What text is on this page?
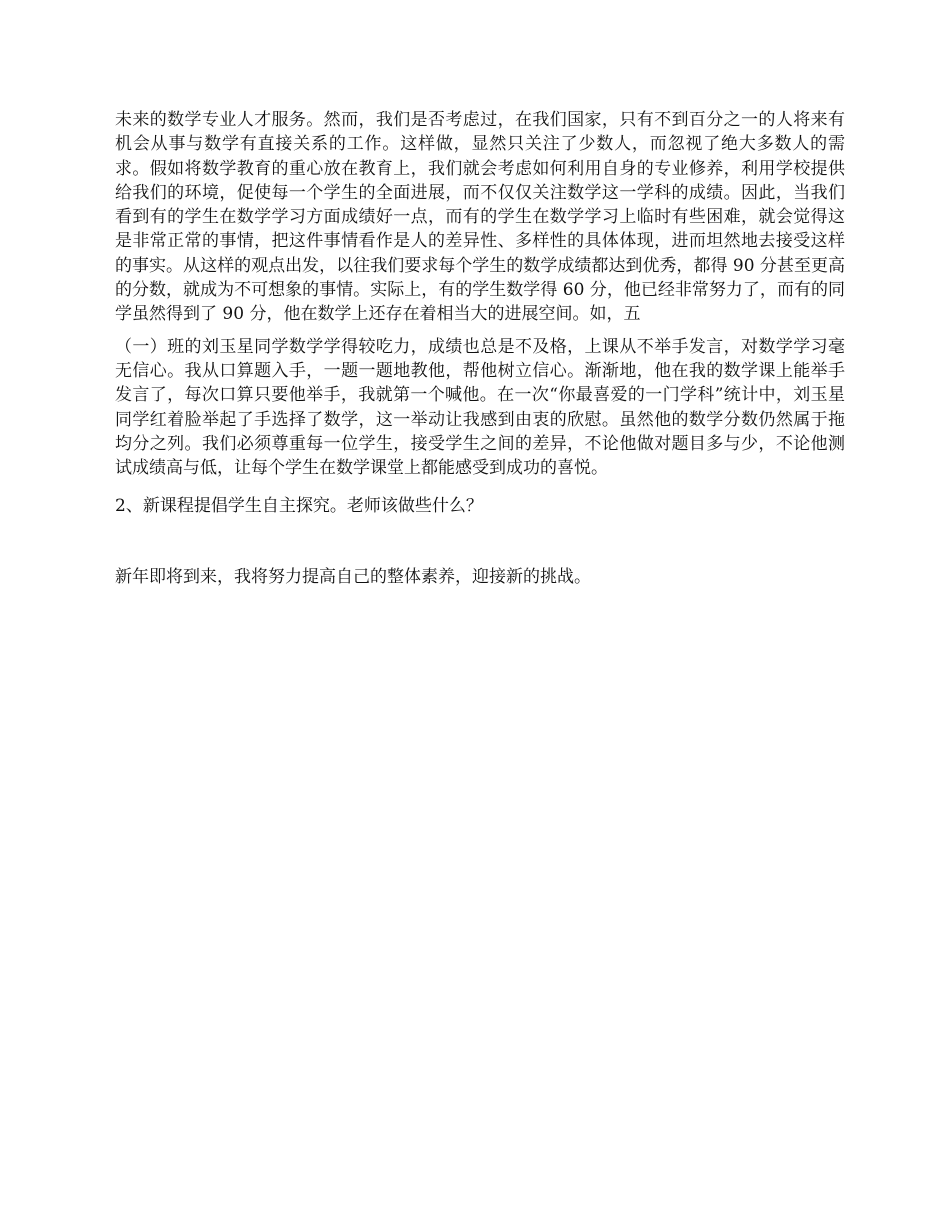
未来的数学专业人才服务。然而，我们是否考虑过，在我们国家，只有不到百分之一的人将来有机会从事与数学有直接关系的工作。这样做，显然只关注了少数人，而忽视了绝大多数人的需求。假如将数学教育的重心放在教育上，我们就会考虑如何利用自身的专业修养，利用学校提供给我们的环境，促使每一个学生的全面进展，而不仅仅关注数学这一学科的成绩。因此，当我们看到有的学生在数学学习方面成绩好一点，而有的学生在数学学习上临时有些困难，就会觉得这是非常正常的事情，把这件事情看作是人的差异性、多样性的具体体现，进而坦然地去接受这样的事实。从这样的观点出发，以往我们要求每个学生的数学成绩都达到优秀，都得 90 分甚至更高的分数，就成为不可想象的事情。实际上，有的学生数学得 60 分，他已经非常努力了，而有的同学虽然得到了 90 分，他在数学上还存在着相当大的进展空间。如，五

（一）班的刘玉星同学数学学得较吃力，成绩也总是不及格，上课从不举手发言，对数学学习毫无信心。我从口算题入手，一题一题地教他，帮他树立信心。渐渐地，他在我的数学课上能举手发言了，每次口算只要他举手，我就第一个喊他。在一次“你最喜爱的一门学科”统计中，刘玉星同学红着脸举起了手选择了数学，这一举动让我感到由衷的欣慰。虽然他的数学分数仍然属于拖均分之列。我们必须尊重每一位学生，接受学生之间的差异，不论他做对题目多与少，不论他测试成绩高与低，让每个学生在数学课堂上都能感受到成功的喜悦。

2、新课程提倡学生自主探究。老师该做些什么？

新年即将到来，我将努力提高自己的整体素养，迎接新的挑战。
